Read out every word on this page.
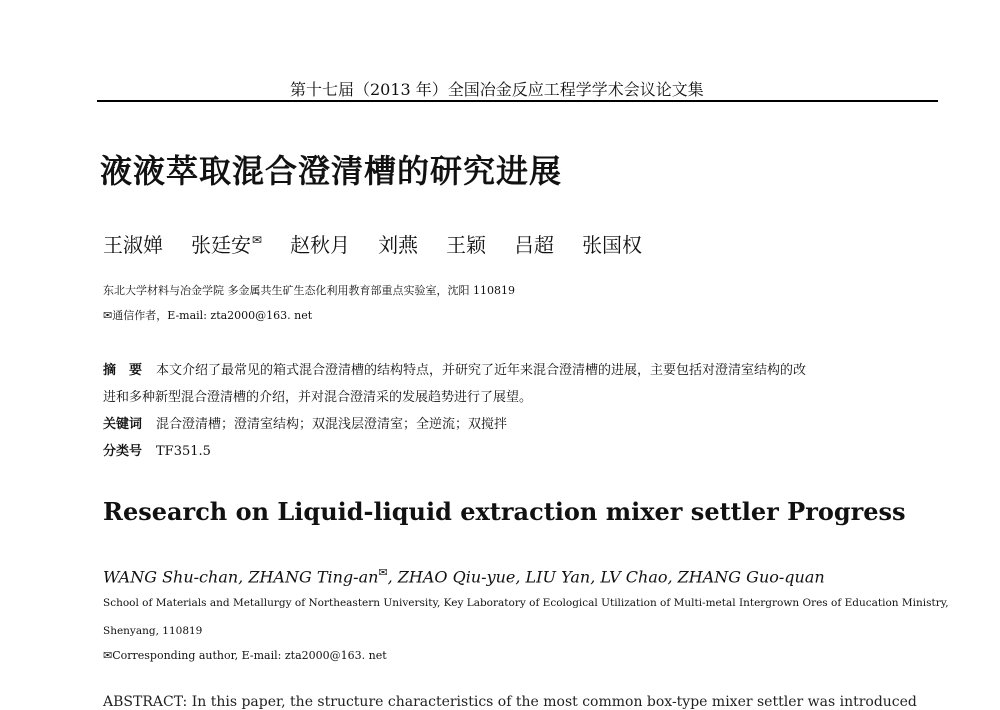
第十七届（2013 年）全国冶金反应工程学学术会议论文集
液液萃取混合澄清槽的研究进展
王淑婵 张廷安✉ 赵秋月 刘燕 王颖 吕超 张国权
东北大学材料与冶金学院 多金属共生矿生态化利用教育部重点实验室，沈阳 110819
✉通信作者，E-mail: zta2000@163. net
摘　要 本文介绍了最常见的箱式混合澄清槽的结构特点，并研究了近年来混合澄清槽的进展，主要包括对澄清室结构的改
进和多种新型混合澄清槽的介绍，并对混合澄清采的发展趋势进行了展望。
关键词 混合澄清槽；澄清室结构；双混浅层澄清室；全逆流；双搅拌
分类号 TF351.5
Research on Liquid-liquid extraction mixer settler Progress
WANG Shu-chan, ZHANG Ting-an✉, ZHAO Qiu-yue, LIU Yan, LV Chao, ZHANG Guo-quan
School of Materials and Metallurgy of Northeastern University, Key Laboratory of Ecological Utilization of Multi-metal Intergrown Ores of Education Ministry,
Shenyang, 110819
✉Corresponding author, E-mail: zta2000@163. net
ABSTRACT: In this paper, the structure characteristics of the most common box-type mixer settler was introduced
